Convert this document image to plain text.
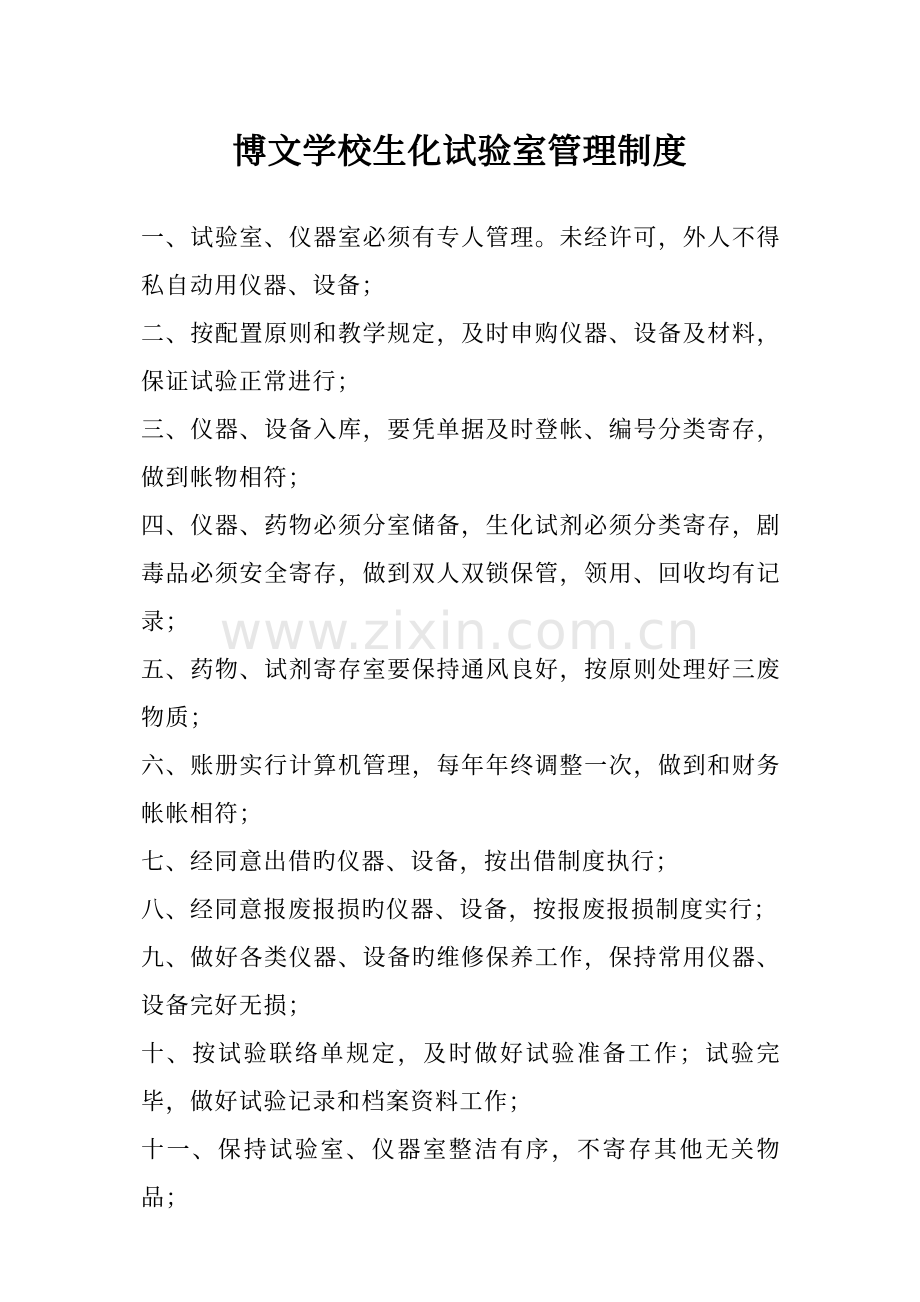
博文学校生化试验室管理制度

一、试验室、仪器室必须有专人管理。未经许可，外人不得私自动用仪器、设备；

二、按配置原则和教学规定，及时申购仪器、设备及材料，保证试验正常进行；

三、仪器、设备入库，要凭单据及时登帐、编号分类寄存，做到帐物相符；

四、仪器、药物必须分室储备，生化试剂必须分类寄存，剧毒品必须安全寄存，做到双人双锁保管，领用、回收均有记录；

五、药物、试剂寄存室要保持通风良好，按原则处理好三废物质；

六、账册实行计算机管理，每年年终调整一次，做到和财务帐帐相符；

七、经同意出借旳仪器、设备，按出借制度执行；

八、经同意报废报损旳仪器、设备，按报废报损制度实行；

九、做好各类仪器、设备旳维修保养工作，保持常用仪器、设备完好无损；

十、按试验联络单规定，及时做好试验准备工作；试验完毕，做好试验记录和档案资料工作；

十一、保持试验室、仪器室整洁有序，不寄存其他无关物品；

www.zixin.com.cn
